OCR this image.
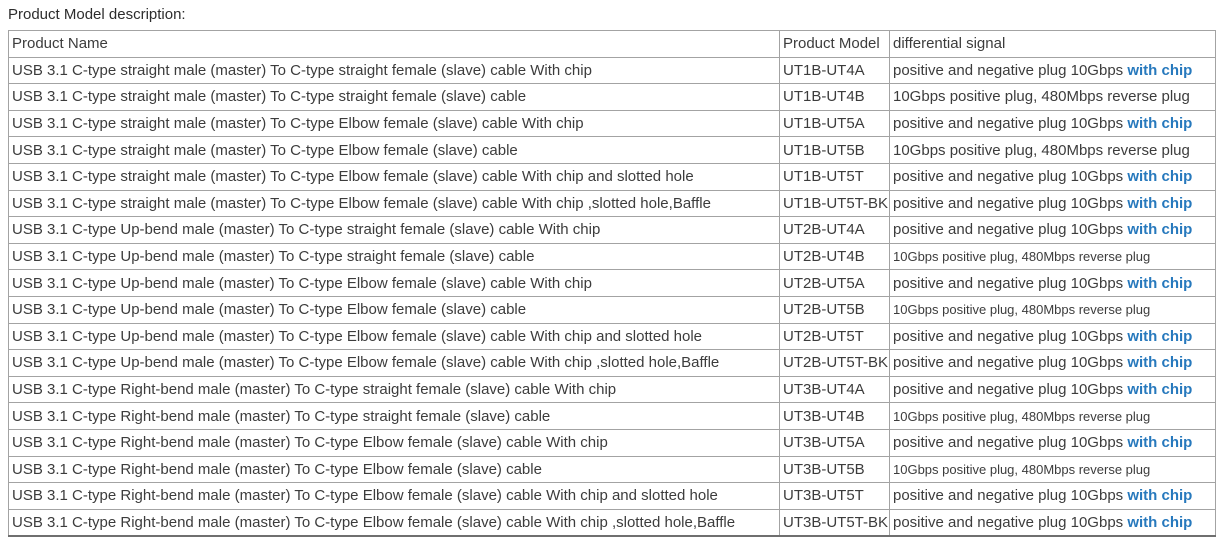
Product Model description:
Product Name	Product Model	differential signal
USB 3.1 C-type straight male (master) To C-type straight female (slave) cable With chip	UT1B-UT4A	positive and negative plug 10Gbps with chip
USB 3.1 C-type straight male (master) To C-type straight female (slave) cable	UT1B-UT4B	10Gbps positive plug, 480Mbps reverse plug
USB 3.1 C-type straight male (master) To C-type Elbow female (slave) cable With chip	UT1B-UT5A	positive and negative plug 10Gbps with chip
USB 3.1 C-type straight male (master) To C-type Elbow female (slave) cable	UT1B-UT5B	10Gbps positive plug, 480Mbps reverse plug
USB 3.1 C-type straight male (master) To C-type Elbow female (slave) cable With chip and slotted hole	UT1B-UT5T	positive and negative plug 10Gbps with chip
USB 3.1 C-type straight male (master) To C-type Elbow female (slave) cable With chip ,slotted hole,Baffle	UT1B-UT5T-BK	positive and negative plug 10Gbps with chip
USB 3.1 C-type Up-bend male (master) To C-type straight female (slave) cable With chip	UT2B-UT4A	positive and negative plug 10Gbps with chip
USB 3.1 C-type Up-bend male (master) To C-type straight female (slave) cable	UT2B-UT4B	10Gbps positive plug, 480Mbps reverse plug
USB 3.1 C-type Up-bend male (master) To C-type Elbow female (slave) cable With chip	UT2B-UT5A	positive and negative plug 10Gbps with chip
USB 3.1 C-type Up-bend male (master) To C-type Elbow female (slave) cable	UT2B-UT5B	10Gbps positive plug, 480Mbps reverse plug
USB 3.1 C-type Up-bend male (master) To C-type Elbow female (slave) cable With chip and slotted hole	UT2B-UT5T	positive and negative plug 10Gbps with chip
USB 3.1 C-type Up-bend male (master) To C-type Elbow female (slave) cable With chip ,slotted hole,Baffle	UT2B-UT5T-BK	positive and negative plug 10Gbps with chip
USB 3.1 C-type Right-bend male (master) To C-type straight female (slave) cable With chip	UT3B-UT4A	positive and negative plug 10Gbps with chip
USB 3.1 C-type Right-bend male (master) To C-type straight female (slave) cable	UT3B-UT4B	10Gbps positive plug, 480Mbps reverse plug
USB 3.1 C-type Right-bend male (master) To C-type Elbow female (slave) cable With chip	UT3B-UT5A	positive and negative plug 10Gbps with chip
USB 3.1 C-type Right-bend male (master) To C-type Elbow female (slave) cable	UT3B-UT5B	10Gbps positive plug, 480Mbps reverse plug
USB 3.1 C-type Right-bend male (master) To C-type Elbow female (slave) cable With chip and slotted hole	UT3B-UT5T	positive and negative plug 10Gbps with chip
USB 3.1 C-type Right-bend male (master) To C-type Elbow female (slave) cable With chip ,slotted hole,Baffle	UT3B-UT5T-BK	positive and negative plug 10Gbps with chip
